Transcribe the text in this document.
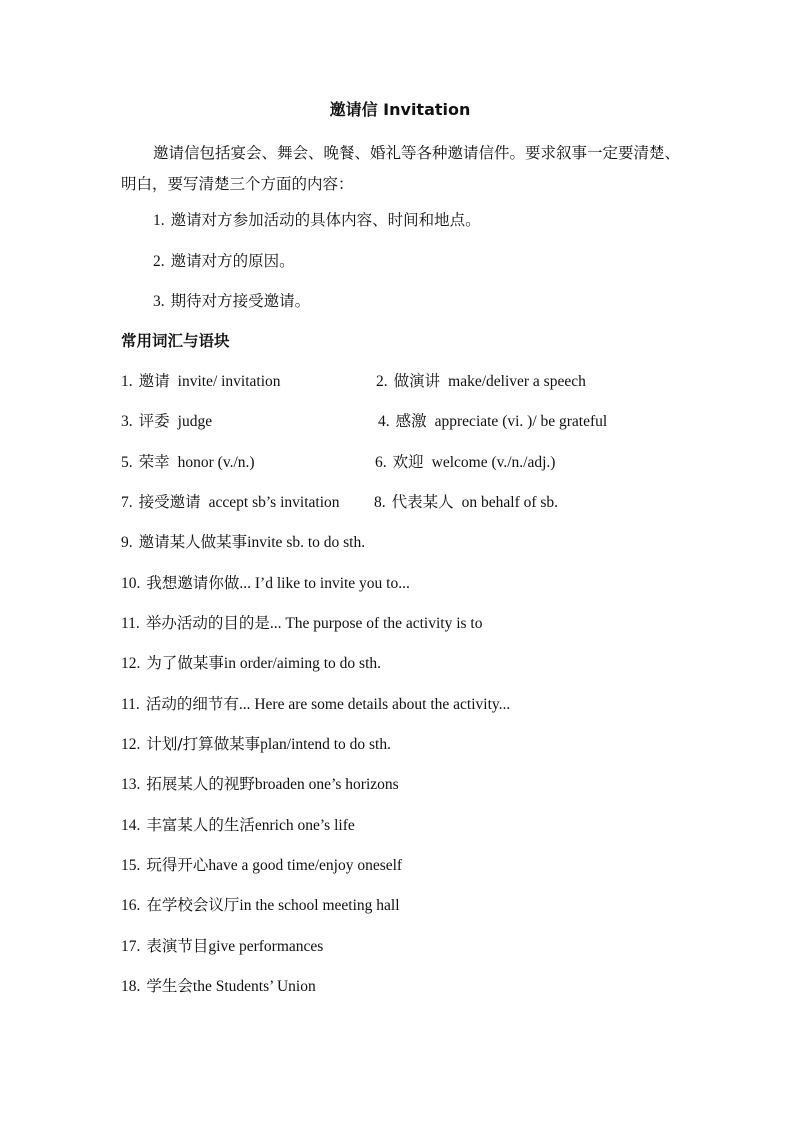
邀请信 Invitation

邀请信包括宴会、舞会、晚餐、婚礼等各种邀请信件。要求叙事一定要清楚、明白，要写清楚三个方面的内容：

1. 邀请对方参加活动的具体内容、时间和地点。
2. 邀请对方的原因。
3. 期待对方接受邀请。
常用词汇与语块
1. 邀请 invite/ invitation	2. 做演讲 make/deliver a speech
3. 评委 judge	4. 感激 appreciate (vi. )/ be grateful
5. 荣幸 honor (v./n.)	6. 欢迎 welcome (v./n./adj.)
7. 接受邀请 accept sb’s invitation 8. 代表某人 on behalf of sb.
9. 邀请某人做某事invite sb. to do sth.
10. 我想邀请你做... I’d like to invite you to...
11. 举办活动的目的是... The purpose of the activity is to
12. 为了做某事in order/aiming to do sth.
11. 活动的细节有... Here are some details about the activity...
12. 计划/打算做某事plan/intend to do sth.
13. 拓展某人的视野broaden one’s horizons
14. 丰富某人的生活enrich one’s life
15. 玩得开心have a good time/enjoy oneself
16. 在学校会议厅in the school meeting hall
17. 表演节目give performances
18. 学生会the Students’ Union
